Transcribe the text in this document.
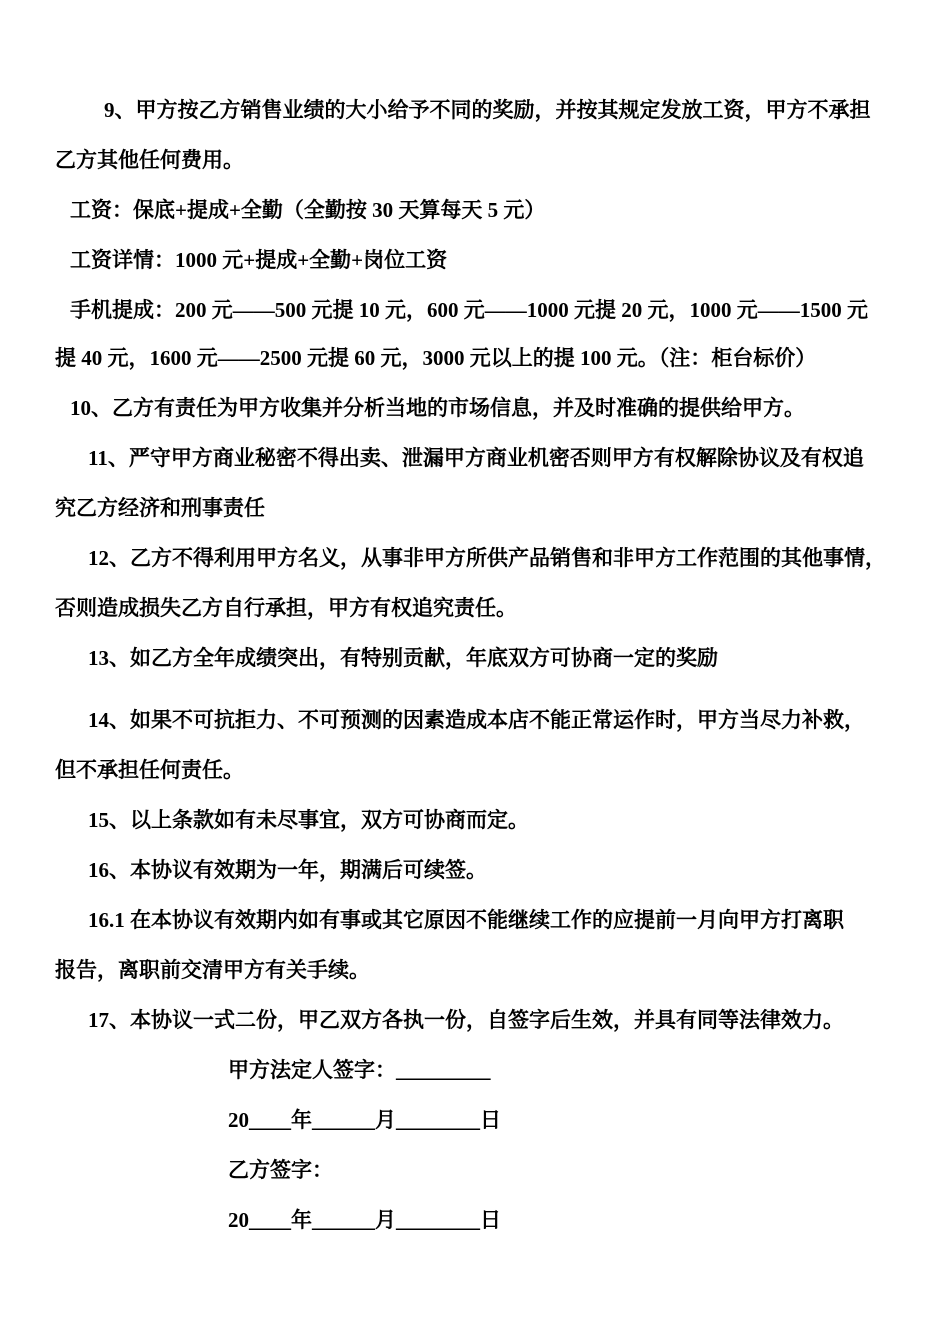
9、甲方按乙方销售业绩的大小给予不同的奖励，并按其规定发放工资，甲方不承担
乙方其他任何费用。
工资：保底+提成+全勤（全勤按 30 天算每天 5 元）
工资详情：1000 元+提成+全勤+岗位工资
手机提成：200 元——500 元提 10 元，600 元——1000 元提 20 元，1000 元——1500 元
提 40 元，1600 元——2500 元提 60 元，3000 元以上的提 100 元。（注：柜台标价）
10、乙方有责任为甲方收集并分析当地的市场信息，并及时准确的提供给甲方。
11、严守甲方商业秘密不得出卖、泄漏甲方商业机密否则甲方有权解除协议及有权追
究乙方经济和刑事责任
12、乙方不得利用甲方名义，从事非甲方所供产品销售和非甲方工作范围的其他事情，
否则造成损失乙方自行承担，甲方有权追究责任。
13、如乙方全年成绩突出，有特别贡献，年底双方可协商一定的奖励
14、如果不可抗拒力、不可预测的因素造成本店不能正常运作时，甲方当尽力补救，
但不承担任何责任。
15、以上条款如有未尽事宜，双方可协商而定。
16、本协议有效期为一年，期满后可续签。
16.1 在本协议有效期内如有事或其它原因不能继续工作的应提前一月向甲方打离职
报告，离职前交清甲方有关手续。
17、本协议一式二份，甲乙双方各执一份，自签字后生效，并具有同等法律效力。
甲方法定人签字：_________
20____年______月________日
乙方签字：
20____年______月________日
